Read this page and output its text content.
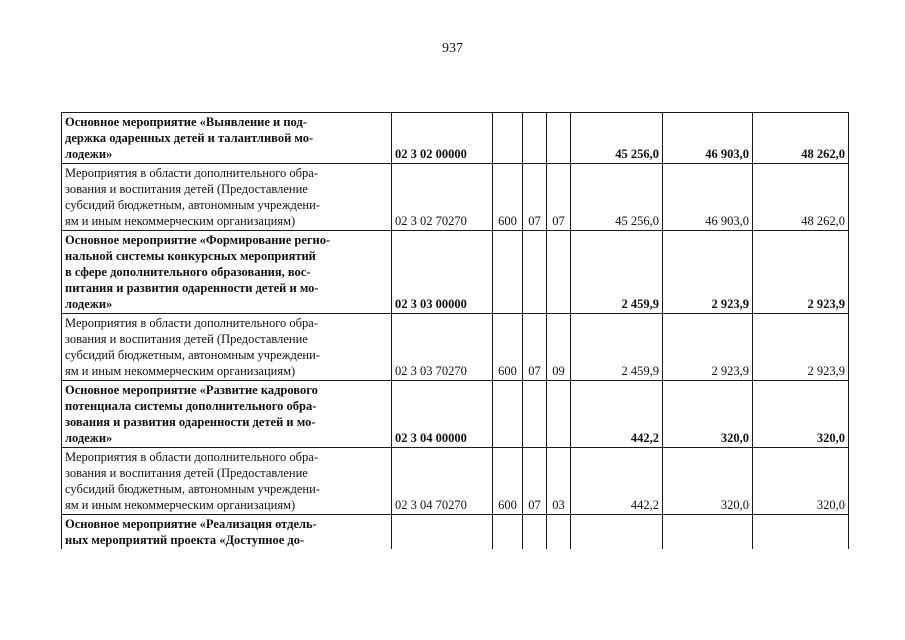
937
Основное мероприятие «Выявление и под-
держка одаренных детей и талантливой мо-
лодежи»	02 3 02 00000				45 256,0	46 903,0	48 262,0

Мероприятия в области дополнительного обра-
зования и воспитания детей (Предоставление
субсидий бюджетным, автономным учреждени-
ям и иным некоммерческим организациям)	02 3 02 70270	600	07	07	45 256,0	46 903,0	48 262,0

Основное мероприятие «Формирование регио-
нальной системы конкурсных мероприятий
в сфере дополнительного образования, вос-
питания и развития одаренности детей и мо-
лодежи»	02 3 03 00000				2 459,9	2 923,9	2 923,9

Мероприятия в области дополнительного обра-
зования и воспитания детей (Предоставление
субсидий бюджетным, автономным учреждени-
ям и иным некоммерческим организациям)	02 3 03 70270	600	07	09	2 459,9	2 923,9	2 923,9

Основное мероприятие «Развитие кадрового
потенциала системы дополнительного обра-
зования и развития одаренности детей и мо-
лодежи»	02 3 04 00000				442,2	320,0	320,0

Мероприятия в области дополнительного обра-
зования и воспитания детей (Предоставление
субсидий бюджетным, автономным учреждени-
ям и иным некоммерческим организациям)	02 3 04 70270	600	07	03	442,2	320,0	320,0

Основное мероприятие «Реализация отдель-
ных мероприятий проекта «Доступное до-							
